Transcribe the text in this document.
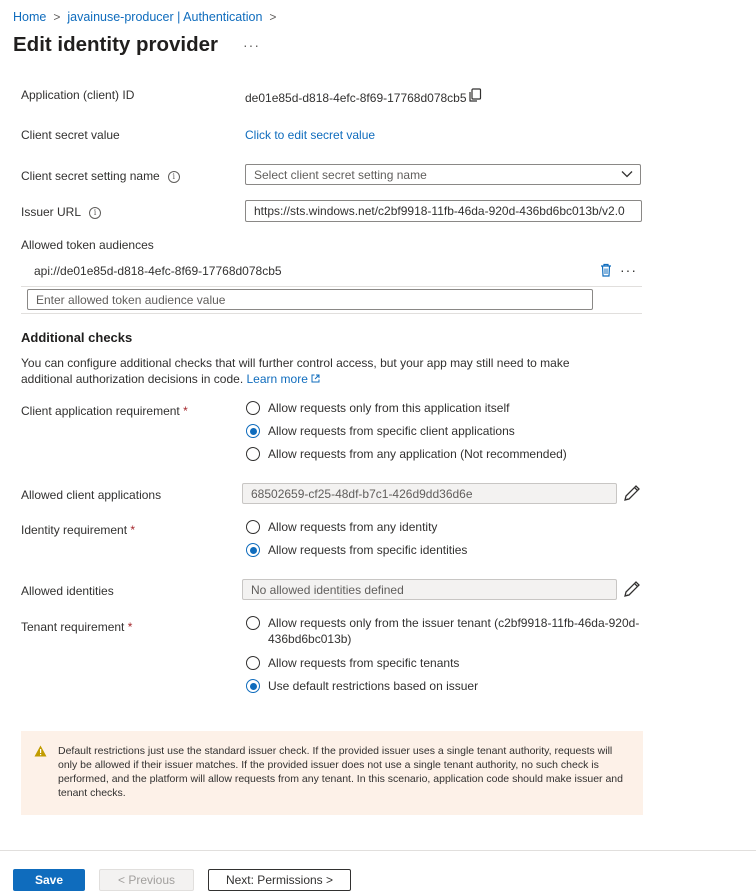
Home > javainuse-producer | Authentication >
Edit identity provider ···
Application (client) ID	de01e85d-d818-4efc-8f69-17768d078cb5
Client secret value	Click to edit secret value
Client secret setting name i	Select client secret setting name
Issuer URL i	https://sts.windows.net/c2bf9918-11fb-46da-920d-436bd6bc013b/v2.0
Allowed token audiences
api://de01e85d-d818-4efc-8f69-17768d078cb5	···
Enter allowed token audience value
Additional checks
You can configure additional checks that will further control access, but your app may still need to make additional authorization decisions in code. Learn more
Client application requirement *	Allow requests only from this application itself
Allow requests from specific client applications
Allow requests from any application (Not recommended)
Allowed client applications	68502659-cf25-48df-b7c1-426d9dd36d6e
Identity requirement *	Allow requests from any identity
Allow requests from specific identities
Allowed identities	No allowed identities defined
Tenant requirement *	Allow requests only from the issuer tenant (c2bf9918-11fb-46da-920d-436bd6bc013b)
Allow requests from specific tenants
Use default restrictions based on issuer
Default restrictions just use the standard issuer check. If the provided issuer uses a single tenant authority, requests will only be allowed if their issuer matches. If the provided issuer does not use a single tenant authority, no such check is performed, and the platform will allow requests from any tenant. In this scenario, application code should make issuer and tenant checks.
Save	< Previous	Next: Permissions >
